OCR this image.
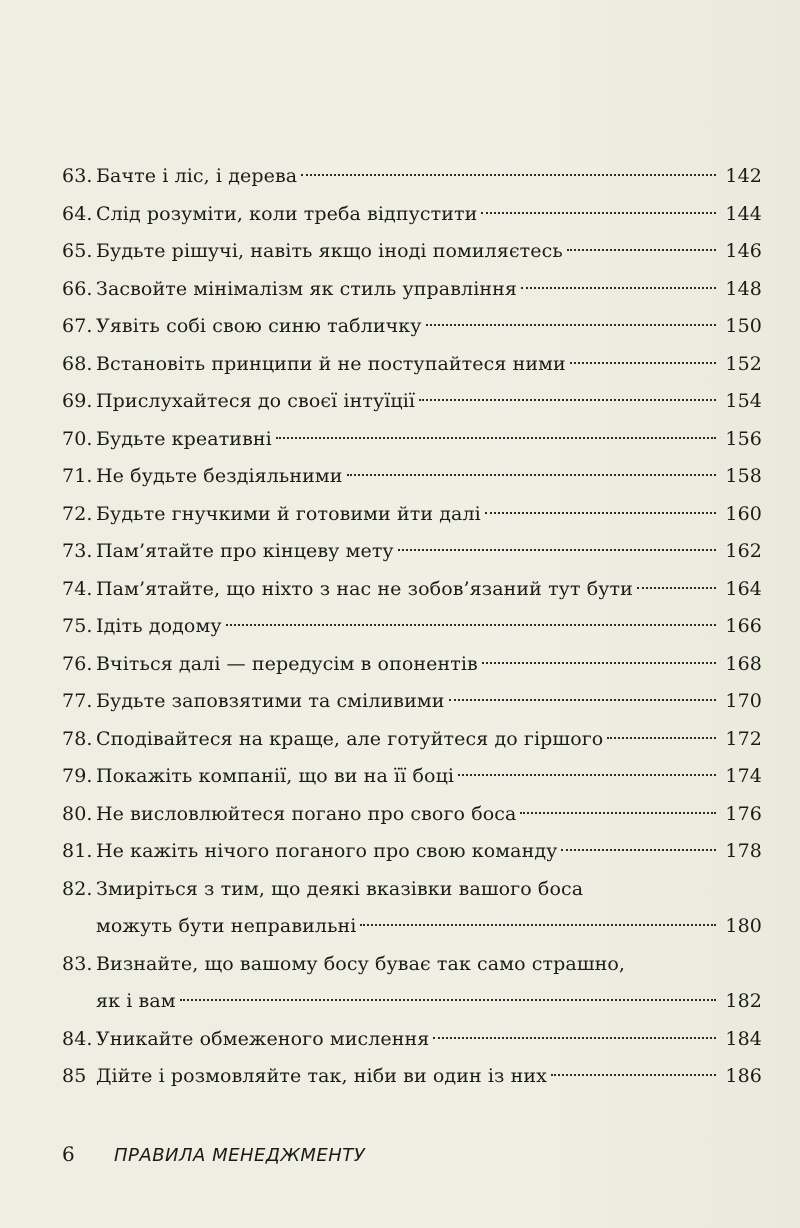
63. Бачте і ліс, і дерева	142
64. Слід розуміти, коли треба відпустити	144
65. Будьте рішучі, навіть якщо іноді помиляєтесь	146
66. Засвойте мінімалізм як стиль управління	148
67. Уявіть собі свою синю табличку	150
68. Встановіть принципи й не поступайтеся ними	152
69. Прислухайтеся до своєї інтуїції	154
70. Будьте креативні	156
71. Не будьте бездіяльними	158
72. Будьте гнучкими й готовими йти далі	160
73. Пам’ятайте про кінцеву мету	162
74. Пам’ятайте, що ніхто з нас не зобов’язаний тут бути	164
75. Ідіть додому	166
76. Вчіться далі — передусім в опонентів	168
77. Будьте заповзятими та сміливими	170
78. Сподівайтеся на краще, але готуйтеся до гіршого	172
79. Покажіть компанії, що ви на її боці	174
80. Не висловлюйтеся погано про свого боса	176
81. Не кажіть нічого поганого про свою команду	178
82. Змиріться з тим, що деякі вказівки вашого боса
можуть бути неправильні	180
83. Визнайте, що вашому босу буває так само страшно,
як і вам	182
84. Уникайте обмеженого мислення	184
85 Дійте і розмовляйте так, ніби ви один із них	186
6	ПРАВИЛА МЕНЕДЖМЕНТУ
